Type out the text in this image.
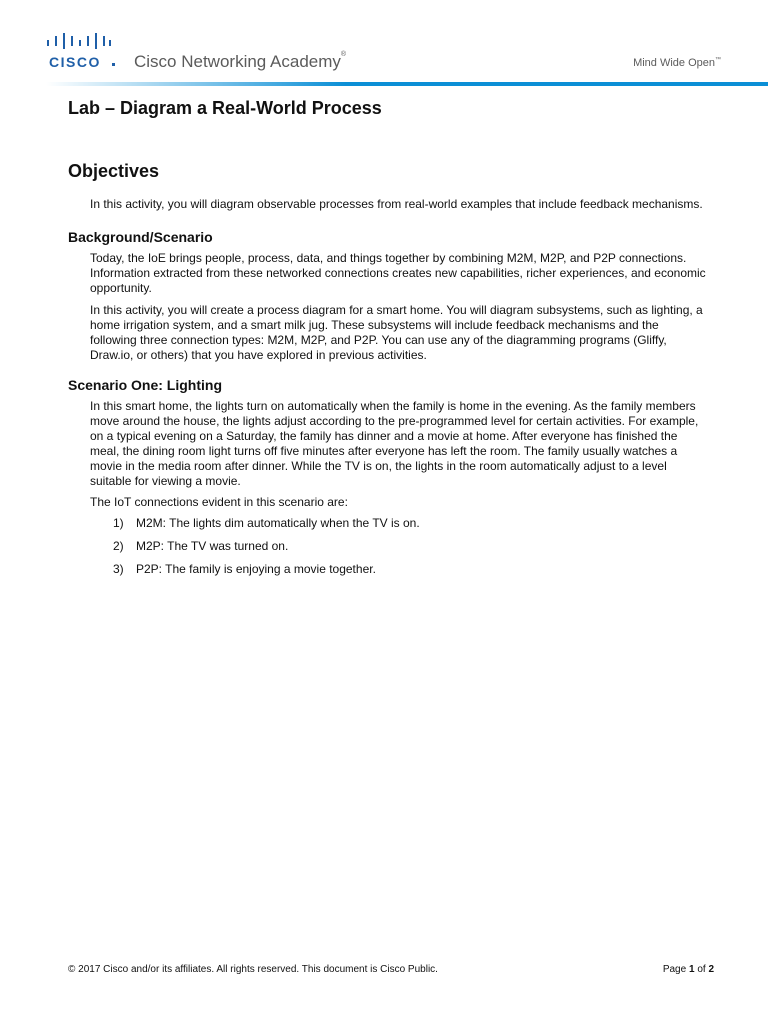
CISCO Cisco Networking Academy®
Mind Wide Open™
Lab – Diagram a Real-World Process
Objectives

In this activity, you will diagram observable processes from real-world examples that include feedback mechanisms.

Background/Scenario

Today, the IoE brings people, process, data, and things together by combining M2M, M2P, and P2P connections. Information extracted from these networked connections creates new capabilities, richer experiences, and economic opportunity.

In this activity, you will create a process diagram for a smart home. You will diagram subsystems, such as lighting, a home irrigation system, and a smart milk jug. These subsystems will include feedback mechanisms and the following three connection types: M2M, M2P, and P2P. You can use any of the diagramming programs (Gliffy, Draw.io, or others) that you have explored in previous activities.

Scenario One: Lighting

In this smart home, the lights turn on automatically when the family is home in the evening. As the family members move around the house, the lights adjust according to the pre-programmed level for certain activities. For example, on a typical evening on a Saturday, the family has dinner and a movie at home. After everyone has finished the meal, the dining room light turns off five minutes after everyone has left the room. The family usually watches a movie in the media room after dinner. While the TV is on, the lights in the room automatically adjust to a level suitable for viewing a movie.

The IoT connections evident in this scenario are:

1)	M2M: The lights dim automatically when the TV is on.
2)	M2P: The TV was turned on.
3)	P2P: The family is enjoying a movie together.
© 2017 Cisco and/or its affiliates. All rights reserved. This document is Cisco Public.	Page 1 of 2
